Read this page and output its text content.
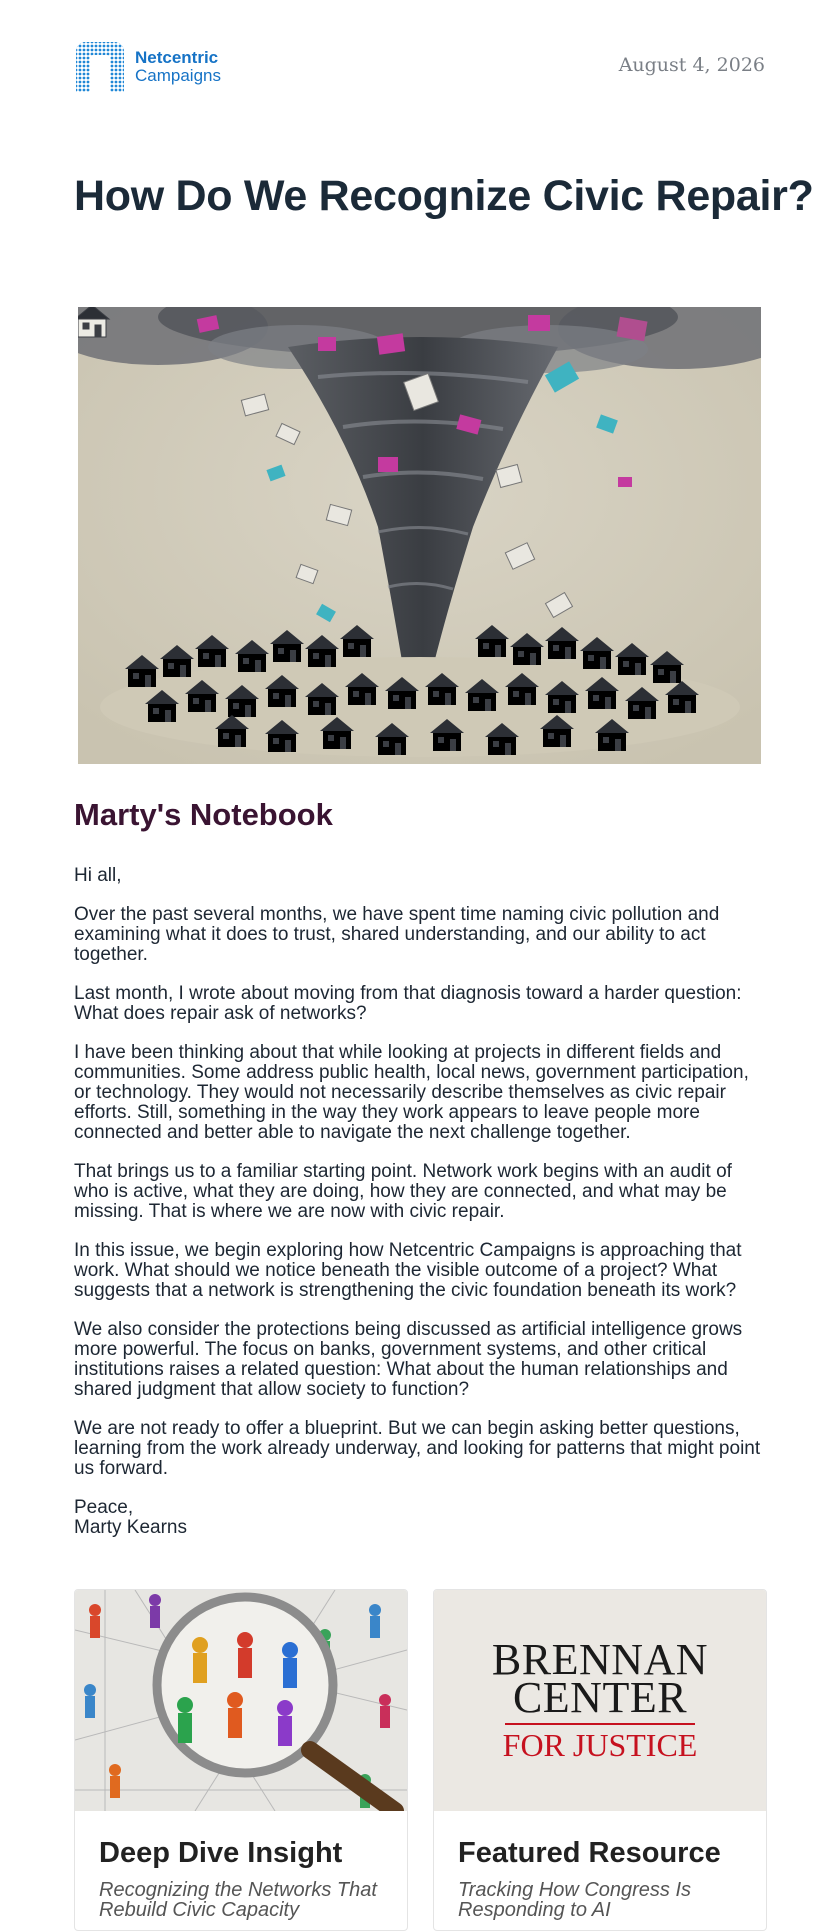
Netcentric
Campaigns	August 4, 2026
How Do We Recognize Civic Repair?
Marty's Notebook

Hi all,

Over the past several months, we have spent time naming civic pollution and examining what it does to trust, shared understanding, and our ability to act together.

Last month, I wrote about moving from that diagnosis toward a harder question: What does repair ask of networks?

I have been thinking about that while looking at projects in different fields and communities. Some address public health, local news, government participation, or technology. They would not necessarily describe themselves as civic repair efforts. Still, something in the way they work appears to leave people more connected and better able to navigate the next challenge together.

That brings us to a familiar starting point. Network work begins with an audit of who is active, what they are doing, how they are connected, and what may be missing. That is where we are now with civic repair.

In this issue, we begin exploring how Netcentric Campaigns is approaching that work. What should we notice beneath the visible outcome of a project? What suggests that a network is strengthening the civic foundation beneath its work?

We also consider the protections being discussed as artificial intelligence grows more powerful. The focus on banks, government systems, and other critical institutions raises a related question: What about the human relationships and shared judgment that allow society to function?

We are not ready to offer a blueprint. But we can begin asking better questions, learning from the work already underway, and looking for patterns that might point us forward.

Peace,
Marty Kearns
Deep Dive Insight
Recognizing the Networks That Rebuild Civic Capacity
BRENNAN
CENTER
FOR JUSTICE
Featured Resource
Tracking How Congress Is Responding to AI
